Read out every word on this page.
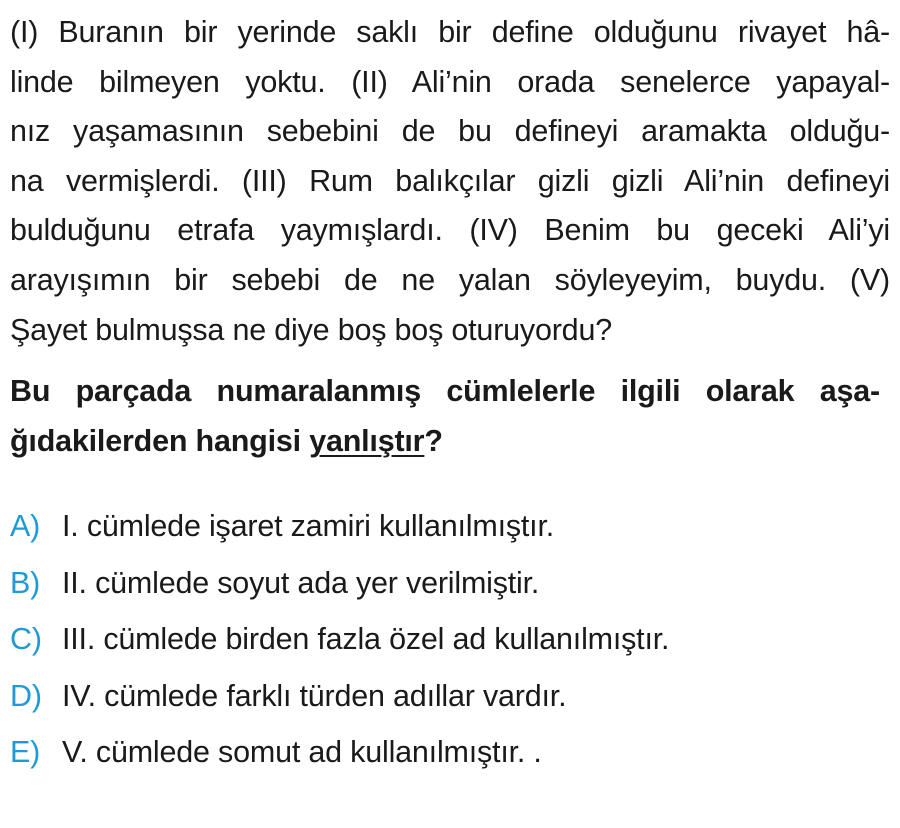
(I) Buranın bir yerinde saklı bir define olduğunu rivayet hâ-
linde bilmeyen yoktu. (II) Ali’nin orada senelerce yapayal-
nız yaşamasının sebebini de bu defineyi aramakta olduğu-
na vermişlerdi. (III) Rum balıkçılar gizli gizli Ali’nin defineyi
bulduğunu etrafa yaymışlardı. (IV) Benim bu geceki Ali’yi
arayışımın bir sebebi de ne yalan söyleyeyim, buydu. (V)
Şayet bulmuşsa ne diye boş boş oturuyordu?

Bu parçada numaralanmış cümlelerle ilgili olarak aşa-
ğıdakilerden hangisi yanlıştır?
A) I. cümlede işaret zamiri kullanılmıştır.
B) II. cümlede soyut ada yer verilmiştir.
C) III. cümlede birden fazla özel ad kullanılmıştır.
D) IV. cümlede farklı türden adıllar vardır.
E) V. cümlede somut ad kullanılmıştır. .
